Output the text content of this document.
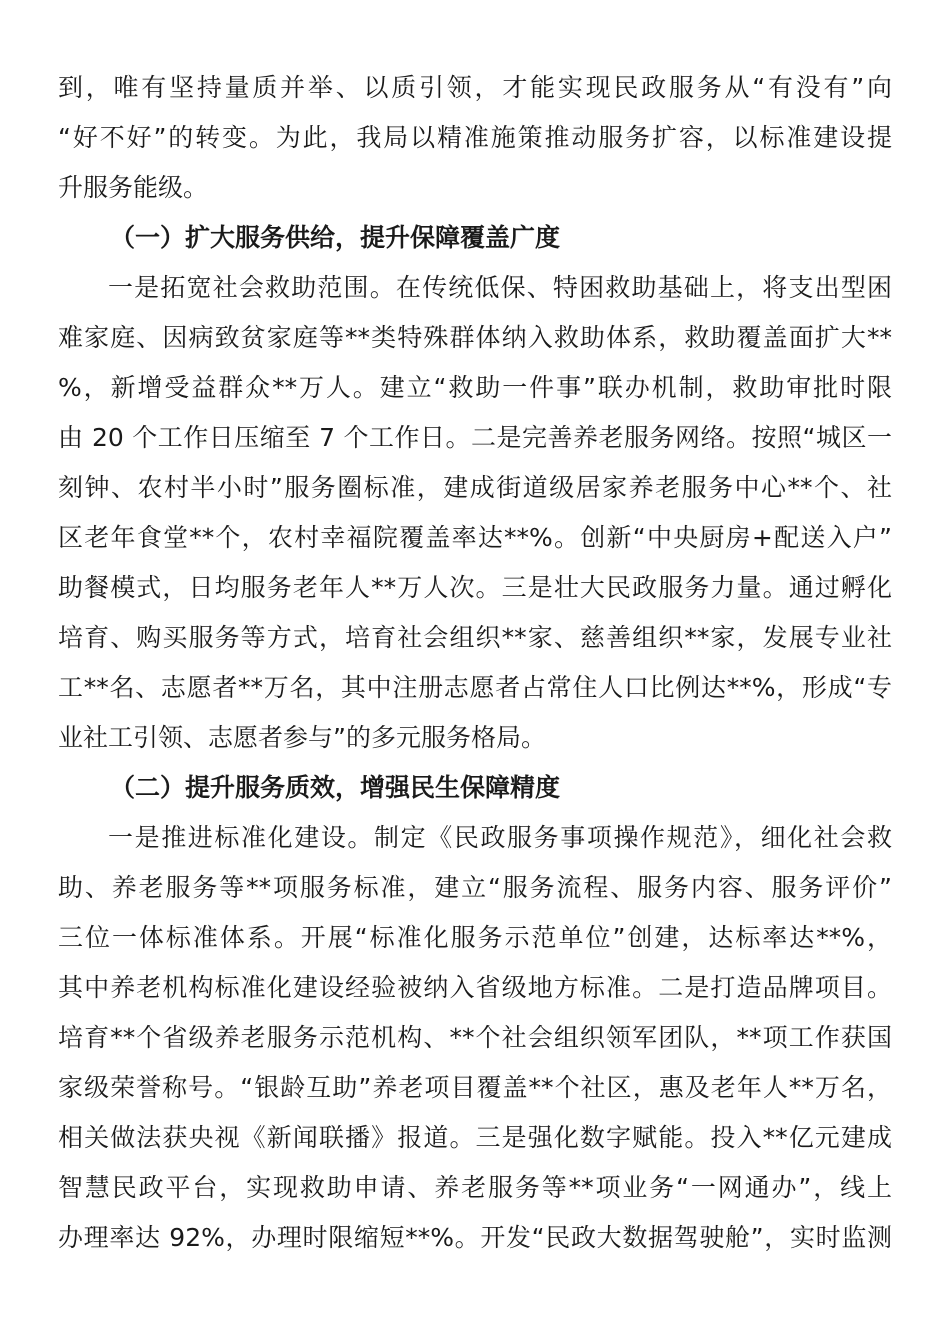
到，唯有坚持量质并举、以质引领，才能实现民政服务从“有没有”向
“好不好”的转变。为此，我局以精准施策推动服务扩容，以标准建设提
升服务能级。
（一）扩大服务供给，提升保障覆盖广度
一是拓宽社会救助范围。在传统低保、特困救助基础上，将支出型困
难家庭、因病致贫家庭等**类特殊群体纳入救助体系，救助覆盖面扩大**
%，新增受益群众**万人。建立“救助一件事”联办机制，救助审批时限
由 20 个工作日压缩至 7 个工作日。二是完善养老服务网络。按照“城区一
刻钟、农村半小时”服务圈标准，建成街道级居家养老服务中心**个、社
区老年食堂**个，农村幸福院覆盖率达**%。创新“中央厨房+配送入户”
助餐模式，日均服务老年人**万人次。三是壮大民政服务力量。通过孵化
培育、购买服务等方式，培育社会组织**家、慈善组织**家，发展专业社
工**名、志愿者**万名，其中注册志愿者占常住人口比例达**%，形成“专
业社工引领、志愿者参与”的多元服务格局。
（二）提升服务质效，增强民生保障精度
一是推进标准化建设。制定《民政服务事项操作规范》，细化社会救
助、养老服务等**项服务标准，建立“服务流程、服务内容、服务评价”
三位一体标准体系。开展“标准化服务示范单位”创建，达标率达**%，
其中养老机构标准化建设经验被纳入省级地方标准。二是打造品牌项目。
培育**个省级养老服务示范机构、**个社会组织领军团队，**项工作获国
家级荣誉称号。“银龄互助”养老项目覆盖**个社区，惠及老年人**万名，
相关做法获央视《新闻联播》报道。三是强化数字赋能。投入**亿元建成
智慧民政平台，实现救助申请、养老服务等**项业务“一网通办”，线上
办理率达 92%，办理时限缩短**%。开发“民政大数据驾驶舱”，实时监测
